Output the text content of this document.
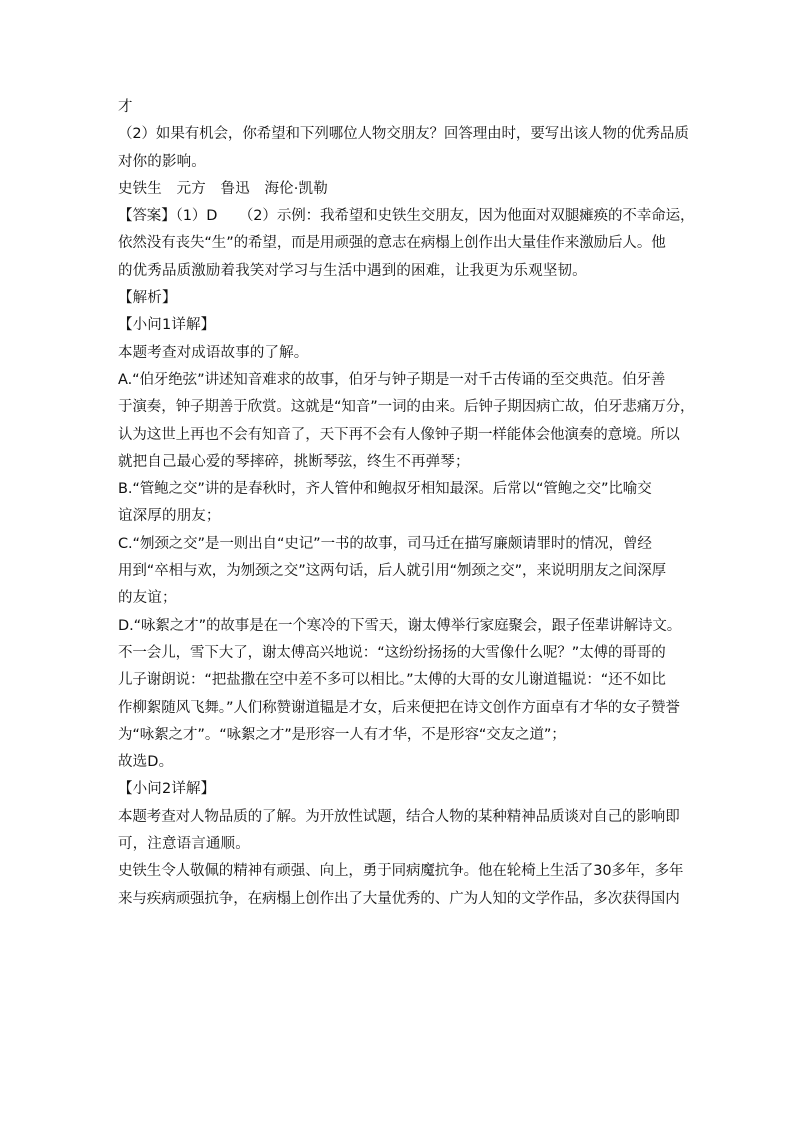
才
（2）如果有机会，你希望和下列哪位人物交朋友？回答理由时，要写出该人物的优秀品质
对你的影响。
史铁生　元方　鲁迅　海伦·凯勒
【答案】（1）D　　（2）示例：我希望和史铁生交朋友，因为他面对双腿瘫痪的不幸命运，
依然没有丧失“生”的希望，而是用顽强的意志在病榻上创作出大量佳作来激励后人。他
的优秀品质激励着我笑对学习与生活中遇到的困难，让我更为乐观坚韧。
【解析】
【小问1详解】
本题考查对成语故事的了解。
A.“伯牙绝弦”讲述知音难求的故事，伯牙与钟子期是一对千古传诵的至交典范。伯牙善
于演奏，钟子期善于欣赏。这就是“知音”一词的由来。后钟子期因病亡故，伯牙悲痛万分，
认为这世上再也不会有知音了，天下再不会有人像钟子期一样能体会他演奏的意境。所以
就把自己最心爱的琴摔碎，挑断琴弦，终生不再弹琴；
B.“管鲍之交”讲的是春秋时，齐人管仲和鲍叔牙相知最深。后常以“管鲍之交”比喻交
谊深厚的朋友；
C.“刎颈之交”是一则出自“史记”一书的故事，司马迁在描写廉颇请罪时的情况，曾经
用到“卒相与欢，为刎颈之交”这两句话，后人就引用“刎颈之交”，来说明朋友之间深厚
的友谊；
D.“咏絮之才”的故事是在一个寒冷的下雪天，谢太傅举行家庭聚会，跟子侄辈讲解诗文。
不一会儿，雪下大了，谢太傅高兴地说：“这纷纷扬扬的大雪像什么呢？”太傅的哥哥的
儿子谢朗说：“把盐撒在空中差不多可以相比。”太傅的大哥的女儿谢道韫说：“还不如比
作柳絮随风飞舞。”人们称赞谢道韫是才女，后来便把在诗文创作方面卓有才华的女子赞誉
为“咏絮之才”。“咏絮之才”是形容一人有才华，不是形容“交友之道”；
故选D。
【小问2详解】
本题考查对人物品质的了解。为开放性试题，结合人物的某种精神品质谈对自己的影响即
可，注意语言通顺。
史铁生令人敬佩的精神有顽强、向上，勇于同病魔抗争。他在轮椅上生活了30多年，多年
来与疾病顽强抗争，在病榻上创作出了大量优秀的、广为人知的文学作品，多次获得国内
